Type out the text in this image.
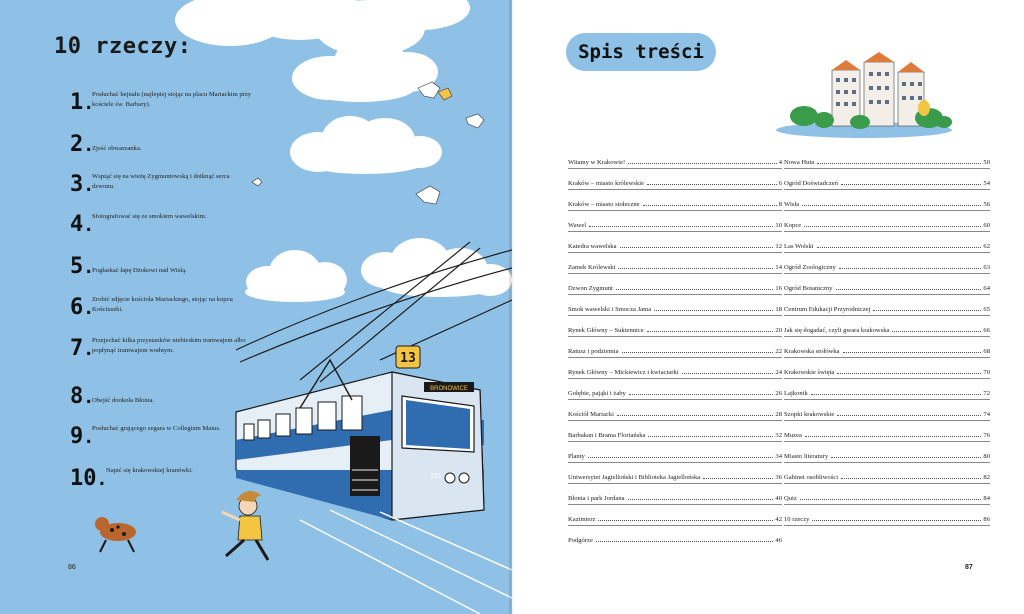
BRONOWICE
13
151
10 rzeczy:
1.
Posłuchać hejnału (najlepiej stojąc na placu Mariackim przy kościele św. Barbary).
2.
Zjeść obwarzanka.
3.
Wspiąć się na wieżę Zygmuntowską i dotknąć serca dzwonu.
4.
Sfotografować się ze smokiem wawelskim.
5.
Pogłaskać łapę Dżokowi nad Wisłą.
6.
Zrobić zdjęcie kościoła Mariackiego, stojąc na kopcu Kościuszki.
7.
Przejechać kilka przystanków niebieskim tramwajem albo popłynąć tramwajem wodnym.
8.
Obejść dookoła Błonia.
9.
Posłuchać grającego zegara w Collegium Maius.
10.
Napić się krakowskiej kranówki.
86
Spis treści
Witamy w Krakowie!	4
Kraków – miasto królewskie	6
Kraków – miasto stołeczne	8
Wawel	10
Katedra wawelska	12
Zamek Królewski	14
Dzwon Zygmunt	16
Smok wawelski i Smocza Jama	18
Rynek Główny – Sukiennice	20
Ratusz i podziemia	22
Rynek Główny – Mickiewicz i kwiaciarki	24
Gołębie, pająki i żaby	26
Kościół Mariacki	28
Barbakan i Brama Floriańska	32
Planty	34
Uniwersytet Jagielloński i Biblioteka Jagiellońska	36
Błonia i park Jordana	40
Kazimierz	42
Podgórze	46
Nowa Huta	50
Ogród Doświadczeń	54
Wisła	56
Kopce	60
Las Wolski	62
Ogród Zoologiczny	63
Ogród Botaniczny	64
Centrum Edukacji Przyrodniczej	65
Jak się dogadać, czyli gwara krakowska	66
Krakowska stołówka	68
Krakowskie święta	70
Lajkonik	72
Szopki krakowskie	74
Muzea	76
Miasto literatury	80
Gabinet osobliwości	82
Quiz	84
10 rzeczy	86
87
